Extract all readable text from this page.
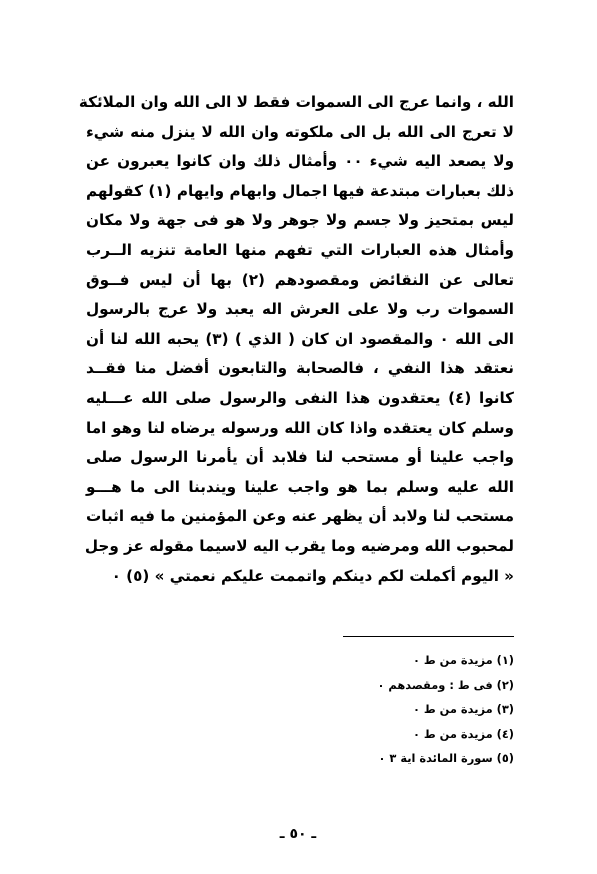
الله ، وانما عرج الى السموات فقط لا الى الله وان الملائكة
لا تعرج الى الله بل الى ملكوته وان الله لا ينزل منه شيء
ولا يصعد اليه شيء ٠٠ وأمثال ذلك وان كانوا يعبرون عن
ذلك بعبارات مبتدعة فيها اجمال وابهام وايهام (١) كقولهم
ليس بمتحيز ولا جسم ولا جوهر ولا هو فى جهة ولا مكان
وأمثال هذه العبارات التي تفهم منها العامة تنزيه الــرب
تعالى عن النقائض ومقصودهم (٢) بها أن ليس فــوق
السموات رب ولا على العرش اله يعبد ولا عرج بالرسول
الى الله ٠ والمقصود ان كان ( الذي ) (٣) يحبه الله لنا أن
نعتقد هذا النفي ، فالصحابة والتابعون أفضل منا فقــد
كانوا (٤) يعتقدون هذا النفى والرسول صلى الله عـــليه
وسلم كان يعتقده واذا كان الله ورسوله يرضاه لنا وهو اما
واجب علينا أو مستحب لنا فلابد أن يأمرنا الرسول صلى
الله عليه وسلم بما هو واجب علينا ويندبنا الى ما هـــو
مستحب لنا ولابد أن يظهر عنه وعن المؤمنين ما فيه اثبات
لمحبوب الله ومرضيه وما يقرب اليه لاسيما مقوله عز وجل
« اليوم أكملت لكم دينكم واتممت عليكم نعمتي » (٥) ٠
(١) مزيدة من ط ٠
(٢) فى ط : ومقصدهم ٠
(٣) مزيدة من ط ٠
(٤) مزيدة من ط ٠
(٥) سورة المائدة اية ٣ ٠
ـ ٥٠ ـ
